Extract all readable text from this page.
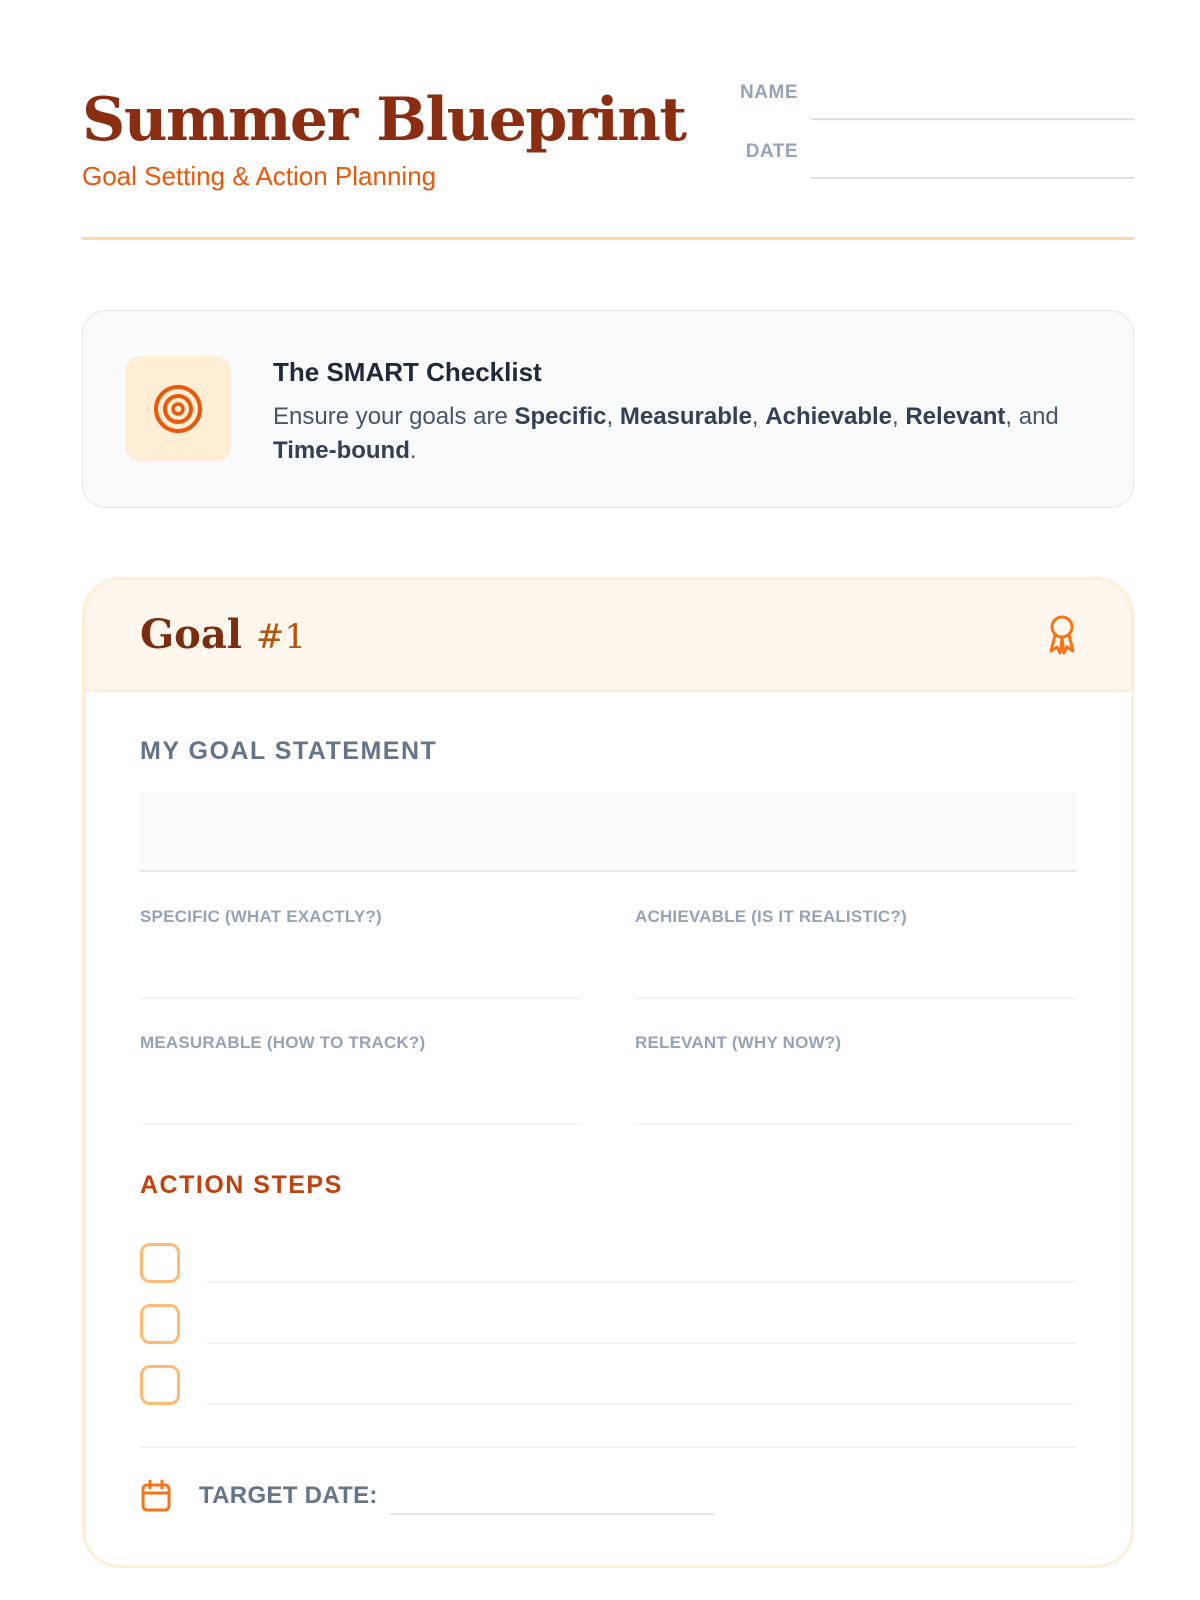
Summer Blueprint
Goal Setting & Action Planning
NAME
DATE
The SMART Checklist
Ensure your goals are Specific, Measurable, Achievable, Relevant, and Time-bound.
Goal #1
MY GOAL STATEMENT
SPECIFIC (WHAT EXACTLY?)	ACHIEVABLE (IS IT REALISTIC?)
MEASURABLE (HOW TO TRACK?)	RELEVANT (WHY NOW?)
ACTION STEPS
TARGET DATE:
